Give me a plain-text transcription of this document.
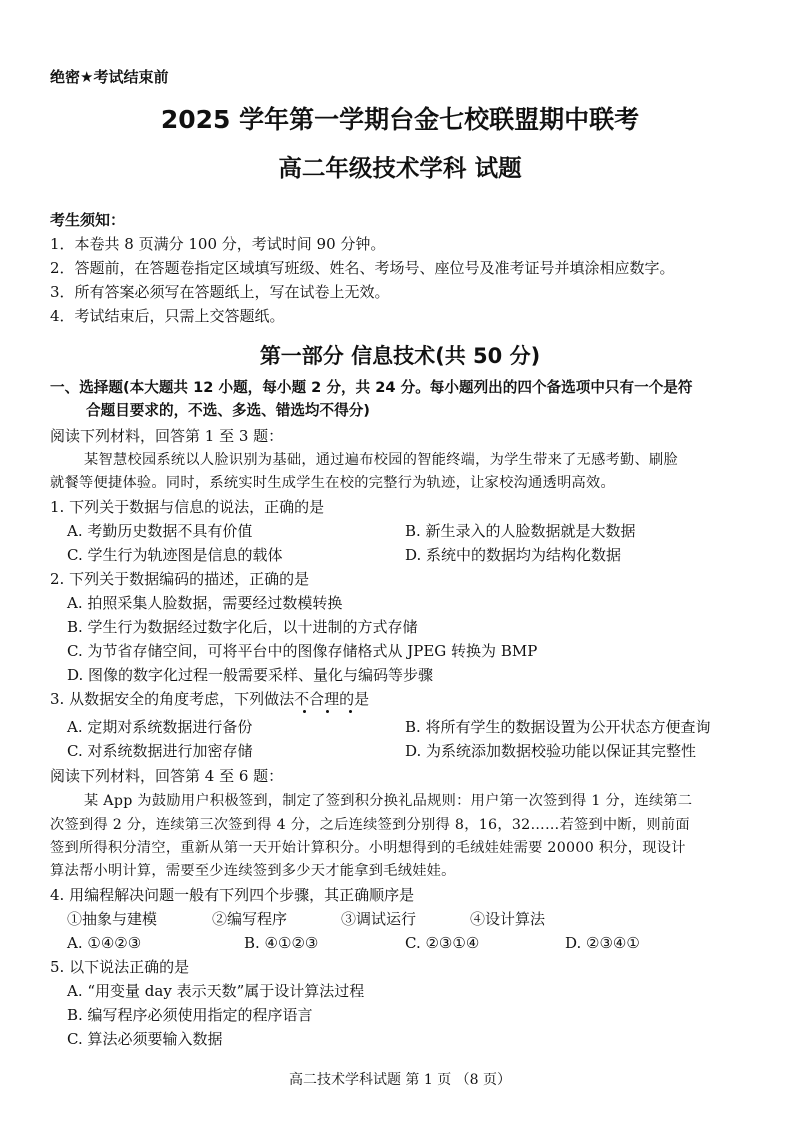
绝密★考试结束前
2025 学年第一学期台金七校联盟期中联考
高二年级技术学科 试题
考生须知：
1．本卷共 8 页满分 100 分，考试时间 90 分钟。
2．答题前，在答题卷指定区域填写班级、姓名、考场号、座位号及准考证号并填涂相应数字。
3．所有答案必须写在答题纸上，写在试卷上无效。
4．考试结束后，只需上交答题纸。
第一部分 信息技术(共 50 分)
一、选择题(本大题共 12 小题，每小题 2 分，共 24 分。每小题列出的四个备选项中只有一个是符
合题目要求的，不选、多选、错选均不得分)
阅读下列材料，回答第 1 至 3 题：
某智慧校园系统以人脸识别为基础，通过遍布校园的智能终端，为学生带来了无感考勤、刷脸
就餐等便捷体验。同时，系统实时生成学生在校的完整行为轨迹，让家校沟通透明高效。
1. 下列关于数据与信息的说法，正确的是
A. 考勤历史数据不具有价值	B. 新生录入的人脸数据就是大数据
C. 学生行为轨迹图是信息的载体	D. 系统中的数据均为结构化数据
2. 下列关于数据编码的描述，正确的是
A. 拍照采集人脸数据，需要经过数模转换
B. 学生行为数据经过数字化后，以十进制的方式存储
C. 为节省存储空间，可将平台中的图像存储格式从 JPEG 转换为 BMP
D. 图像的数字化过程一般需要采样、量化与编码等步骤
3. 从数据安全的角度考虑，下列做法不合理的是
A. 定期对系统数据进行备份	B. 将所有学生的数据设置为公开状态方便查询
C. 对系统数据进行加密存储	D. 为系统添加数据校验功能以保证其完整性
阅读下列材料，回答第 4 至 6 题：
某 App 为鼓励用户积极签到，制定了签到积分换礼品规则：用户第一次签到得 1 分，连续第二
次签到得 2 分，连续第三次签到得 4 分，之后连续签到分别得 8，16，32……若签到中断，则前面
签到所得积分清空，重新从第一天开始计算积分。小明想得到的毛绒娃娃需要 20000 积分，现设计
算法帮小明计算，需要至少连续签到多少天才能拿到毛绒娃娃。
4. 用编程解决问题一般有下列四个步骤，其正确顺序是
①抽象与建模	②编写程序	③调试运行	④设计算法
A. ①④②③	B. ④①②③	C. ②③①④	D. ②③④①
5. 以下说法正确的是
A. “用变量 day 表示天数”属于设计算法过程
B. 编写程序必须使用指定的程序语言
C. 算法必须要输入数据
高二技术学科试题 第 1 页 （8 页）
